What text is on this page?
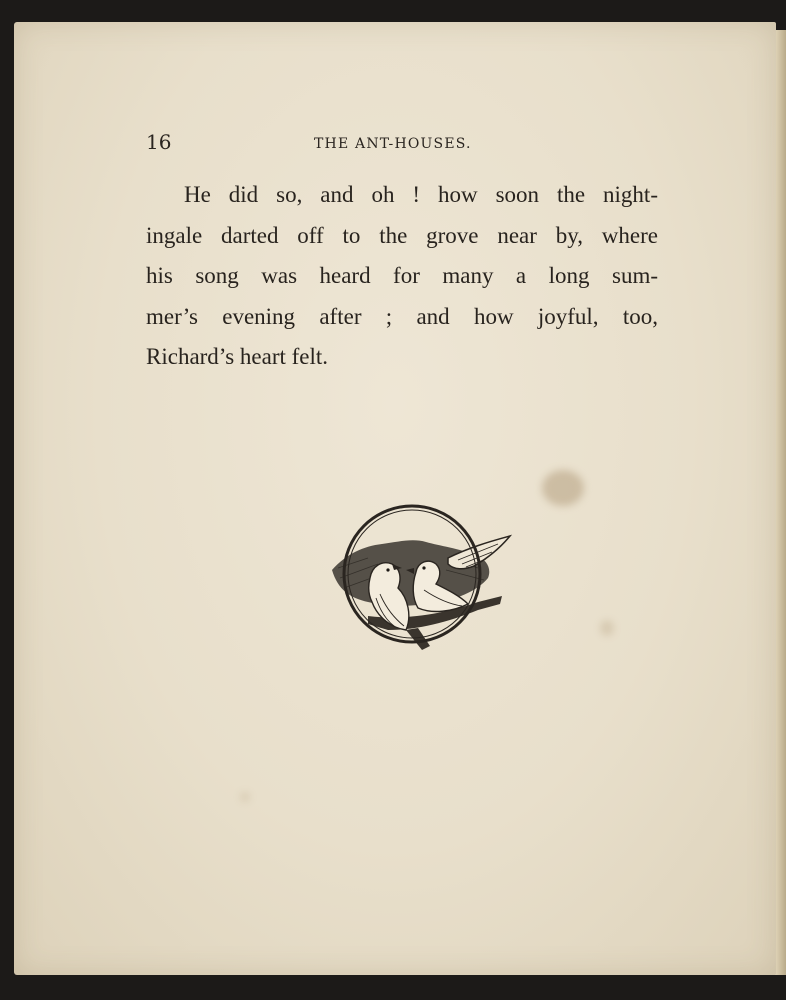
16	THE ANT-HOUSES.
He did so, and oh ! how soon the night-
ingale darted off to the grove near by, where
his song was heard for many a long sum-
mer’s evening after ; and how joyful, too,
Richard’s heart felt.
